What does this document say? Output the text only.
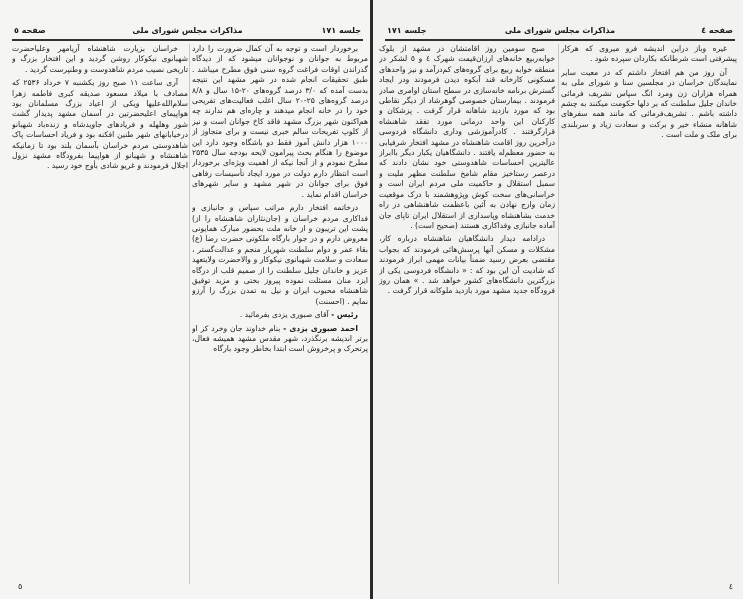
صفحه ٥	مذاکرات مجلس شورای ملی	جلسه ۱۷۱

برخوردار است و توجه به آن کمال ضرورت را دارد مربوط به جوانان و نوجوانان میشود که از دیدگاه گذراندن اوقات فراغت گروه سنی فوق مطرح میباشد . طبق تحقیقات انجام شده در شهر مشهد این نتیجه بدست آمده که ۳/۰ درصد گروه‌های ۲۰-۱۵ سال و ۸/۸ درصد گروه‌های ۲۵-۲۰ سال اغلب فعالیت‌های تفریحی خود را در خانه انجام میدهند و چاره‌ای هم ندارند چه هم‌اکنون شهر بزرگ مشهد فاقد کاخ جوانان است و نیز از کلوپ تفریحات سالم خبری نیست و برای متجاوز از ۱۰۰۰ هزار دانش آموز فقط دو باشگاه وجود دارد این موضوع را هنگام بحث پیرامون لایحه بودجه سال ۲۵۳۵ مطرح نمودم و از آنجا نیکه از اهمیت ویژه‌ای برخوردار است انتظار دارم دولت در مورد ایجاد تأسیسات رفاهی فوق برای جوانان در شهر مشهد و سایر شهرهای خراسان اقدام نماید .

درخاتمه افتخار دارم مراتب سپاس و جانبازی و فداکاری مردم خراسان و (جان‌نثاران شاهنشاه را از) پشت این تریبون و از خانه ملت بحضور مبارک همایونی معروض دارم و در جوار بارگاه ملکوتی حضرت رضا (ع) بقاء عمر و دوام سلطنت شهریار منجم و عدالت‌گستر ، سعادت و سلامت شهبانوی نیکوکار و والاحضرت ولایتعهد عزیز و خاندان جلیل سلطنت را از صمیم قلب از درگاه ایزد منان مسئلت نموده پیروز بختی و مزید توفیق شاهنشاه محبوب ایران و نیل به تمدن بزرگ را آرزو نمایم . (احسنت)

رئیس - آقای صبوری یزدی بفرمائید .

احمد صبوری یزدی - بنام خداوند جان وخرد کز او برتر اندیشه برنگذرد، شهر مقدس مشهد همیشه فعال، پرتحرک و پرخروش است ابتدا بخاطر وجود بارگاه

خراسان بزیارت شاهنشاه آریامهر وعلیاحضرت شهبانوی نیکوکار روشن گردید و این افتخار بزرگ و تاریخی نصیب مردم شاهدوست و وطنپرست گردید .

آری ساعت ۱۱ صبح روز یکشنبه ۷ خرداد ۲۵۳۶ که مصادف با میلاد مسعود صدیقه کبری فاطمه زهرا سلام‌الله‌علیها ویکی از اعیاد بزرگ مسلمانان بود هواپیمای اعلیحضرتین در آسمان مشهد پدیدار گشت شور وهلهله و فریادهای جاویدشاه و زنده‌باد شهبانو درخیابانهای شهر طنین افکنه بود و فریاد احساسات پاک شاهدوستی مردم خراسان بآسمان بلند بود تا زمانیکه شاهنشاه و شهبانو از هواپیما بفرودگاه مشهد نزول اجلال فرمودند و غریو شادی بأوج خود رسید .

٥
جلسه ۱۷۱	مذاکرات مجلس شورای ملی	صفحه ٤

غیره وباز دراین اندیشه فرو میروی که هرکار پیشرفتی است شرطانکه بکاردان سپرده شود .

آن روز من هم افتخار داشتم که در معیت سایر نمایندگان خراسان در مجلسین سنا و شورای ملی به همراه هزاران زن ومرد انگ سپاس تشریف فرمائی خاندان جلیل سلطنت که بر دلها حکومت میکنند به چشم داشته باشم . تشریف‌فرمائی که مانند همه سفرهای شاهانه منشاء خیر و برکت و سعادت زیاد و سربلندی برای ملک و ملت است .

صبح سومین روز اقامتشان در مشهد از بلوک خوابه‌ربیع خانه‌های ارزان‌قیمت شهرک ٤ و ٥ لشکر در منطقه خوابه ربیع برای گروه‌های کم‌درآمد و نیز واحدهای مسکونی کارخانه قند آبکوه دیدن فرمودند ودر ایجاد گسترش برنامه خانه‌سازی در سطح استان اوامری صادر فرمودند . بیمارستان خصوصی گوهرشاد از دیگر نقاطی بود که مورد بازدید شاهانه قرار گرفت . پزشکان و کارکنان این واحد درمانی مورد تفقد شاهنشاه قرارگرفتند . کادرآموزشی وداری دانشگاه فردوسی درآخرین روز اقامت شاهنشاه در مشهد افتخار شرفیابی به حضور معظم‌له یافتند . دانشگاهیان یکبار دیگر باابراز عالیترین احساسات شاهدوستی خود نشان دادند که درعصر رستاخیز مقام شامخ سلطنت مظهر ملیت و سمبل استقلال و حاکمیت ملی مردم ایران است و خراسانی‌های سخت کوش وپژوهشمند با درک موقعیت زمان وارج نهادن به آئین باعظمت شاهنشاهی در راه خدمت بشاهنشاه وپاسداری از استقلال ایران تاپای جان آماده جانبازی وفداکاری هستند (صحیح است) .

درادامه دیدار دانشگاهیان شاهنشاه درباره کار، مشکلات و مسکن آنها پرسش‌هائی فرمودند که بجواب مقتضی بعرض رسید ضمناً بیانات مهمی ابراز فرمودند که شادیت آن این بود که : « دانشگاه فردوسی یکی از بزرگترین دانشگاه‌های کشور خواهد شد . » همان روز فرودگاه جدید مشهد مورد بازدید ملوکانه قرار گرفت .

٤
